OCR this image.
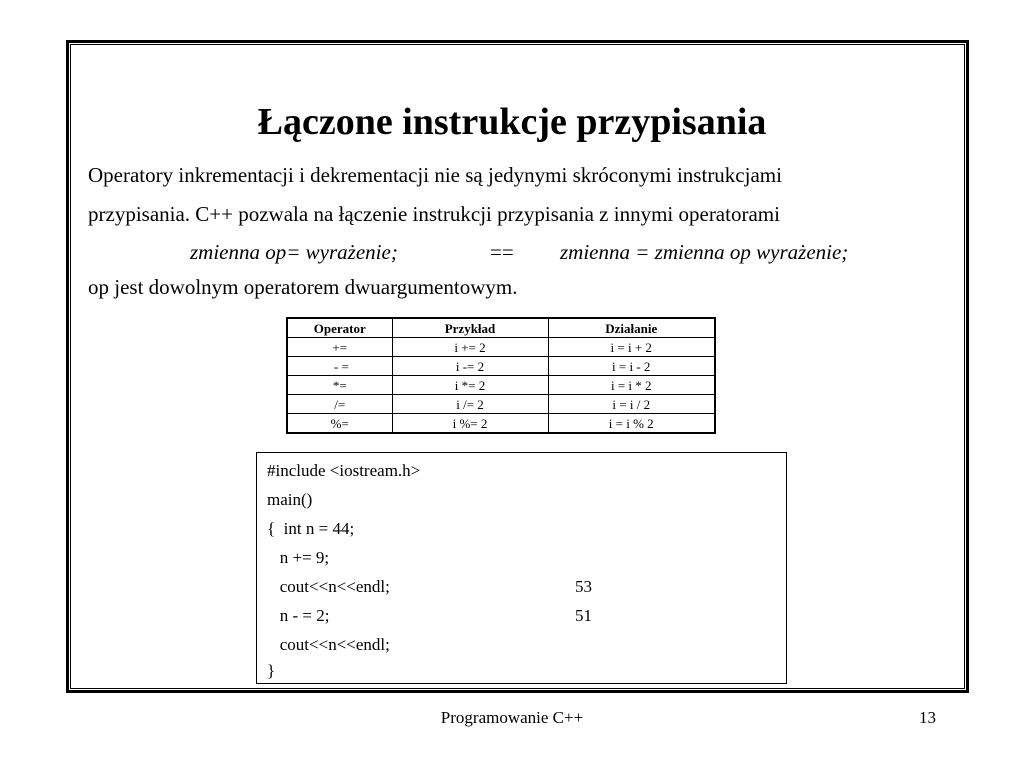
Łączone instrukcje przypisania
Operatory inkrementacji i dekrementacji nie są jedynymi skróconymi instrukcjami
przypisania. C++ pozwala na łączenie instrukcji przypisania z innymi operatorami
zmienna op= wyrażenie;	== zmienna = zmienna op wyrażenie;
op jest dowolnym operatorem dwuargumentowym.
Operator	Przykład	Działanie
+=	i += 2	i = i + 2
- =	i -= 2	i = i - 2
*=	i *= 2	i = i * 2
/=	i /= 2	i = i / 2
%=	i %= 2	i = i % 2
#include <iostream.h>
main()
{  int n = 44;
n += 9;
cout<<n<<endl;
n - = 2;
cout<<n<<endl;
}
53
51
Programowanie C++	13
